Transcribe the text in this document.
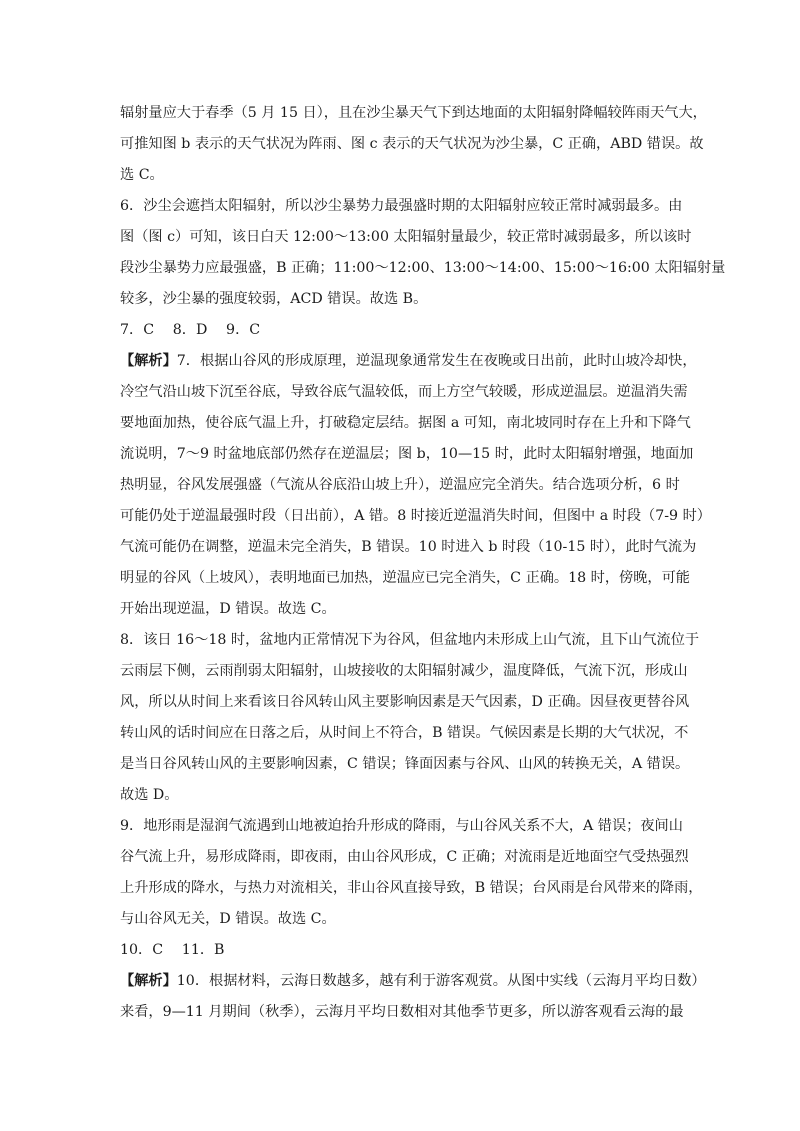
辐射量应大于春季（5 月 15 日），且在沙尘暴天气下到达地面的太阳辐射降幅较阵雨天气大，
可推知图 b 表示的天气状况为阵雨、图 c 表示的天气状况为沙尘暴，C 正确，ABD 错误。故
选 C。
6．沙尘会遮挡太阳辐射，所以沙尘暴势力最强盛时期的太阳辐射应较正常时减弱最多。由
图（图 c）可知，该日白天 12:00～13:00 太阳辐射量最少，较正常时减弱最多，所以该时
段沙尘暴势力应最强盛，B 正确；11:00～12:00、13:00～14:00、15:00～16:00 太阳辐射量
较多，沙尘暴的强度较弱，ACD 错误。故选 B。
7．C　 8．D　 9．C
【解析】7．根据山谷风的形成原理，逆温现象通常发生在夜晚或日出前，此时山坡冷却快，
冷空气沿山坡下沉至谷底，导致谷底气温较低，而上方空气较暖，形成逆温层。逆温消失需
要地面加热，使谷底气温上升，打破稳定层结。据图 a 可知，南北坡同时存在上升和下降气
流说明，7～9 时盆地底部仍然存在逆温层；图 b，10—15 时，此时太阳辐射增强，地面加
热明显，谷风发展强盛（气流从谷底沿山坡上升），逆温应完全消失。结合选项分析，6 时
可能仍处于逆温最强时段（日出前），A 错。8 时接近逆温消失时间，但图中 a 时段（7-9 时）
气流可能仍在调整，逆温未完全消失，B 错误。10 时进入 b 时段（10-15 时），此时气流为
明显的谷风（上坡风），表明地面已加热，逆温应已完全消失，C 正确。18 时，傍晚，可能
开始出现逆温，D 错误。故选 C。
8．该日 16～18 时，盆地内正常情况下为谷风，但盆地内未形成上山气流，且下山气流位于
云雨层下侧，云雨削弱太阳辐射，山坡接收的太阳辐射减少，温度降低，气流下沉，形成山
风，所以从时间上来看该日谷风转山风主要影响因素是天气因素，D 正确。因昼夜更替谷风
转山风的话时间应在日落之后，从时间上不符合，B 错误。气候因素是长期的大气状况，不
是当日谷风转山风的主要影响因素，C 错误；锋面因素与谷风、山风的转换无关，A 错误。
故选 D。
9．地形雨是湿润气流遇到山地被迫抬升形成的降雨，与山谷风关系不大，A 错误；夜间山
谷气流上升，易形成降雨，即夜雨，由山谷风形成，C 正确；对流雨是近地面空气受热强烈
上升形成的降水，与热力对流相关，非山谷风直接导致，B 错误；台风雨是台风带来的降雨，
与山谷风无关，D 错误。故选 C。
10．C　 11．B
【解析】10．根据材料，云海日数越多，越有利于游客观赏。从图中实线（云海月平均日数）
来看，9—11 月期间（秋季），云海月平均日数相对其他季节更多，所以游客观看云海的最
